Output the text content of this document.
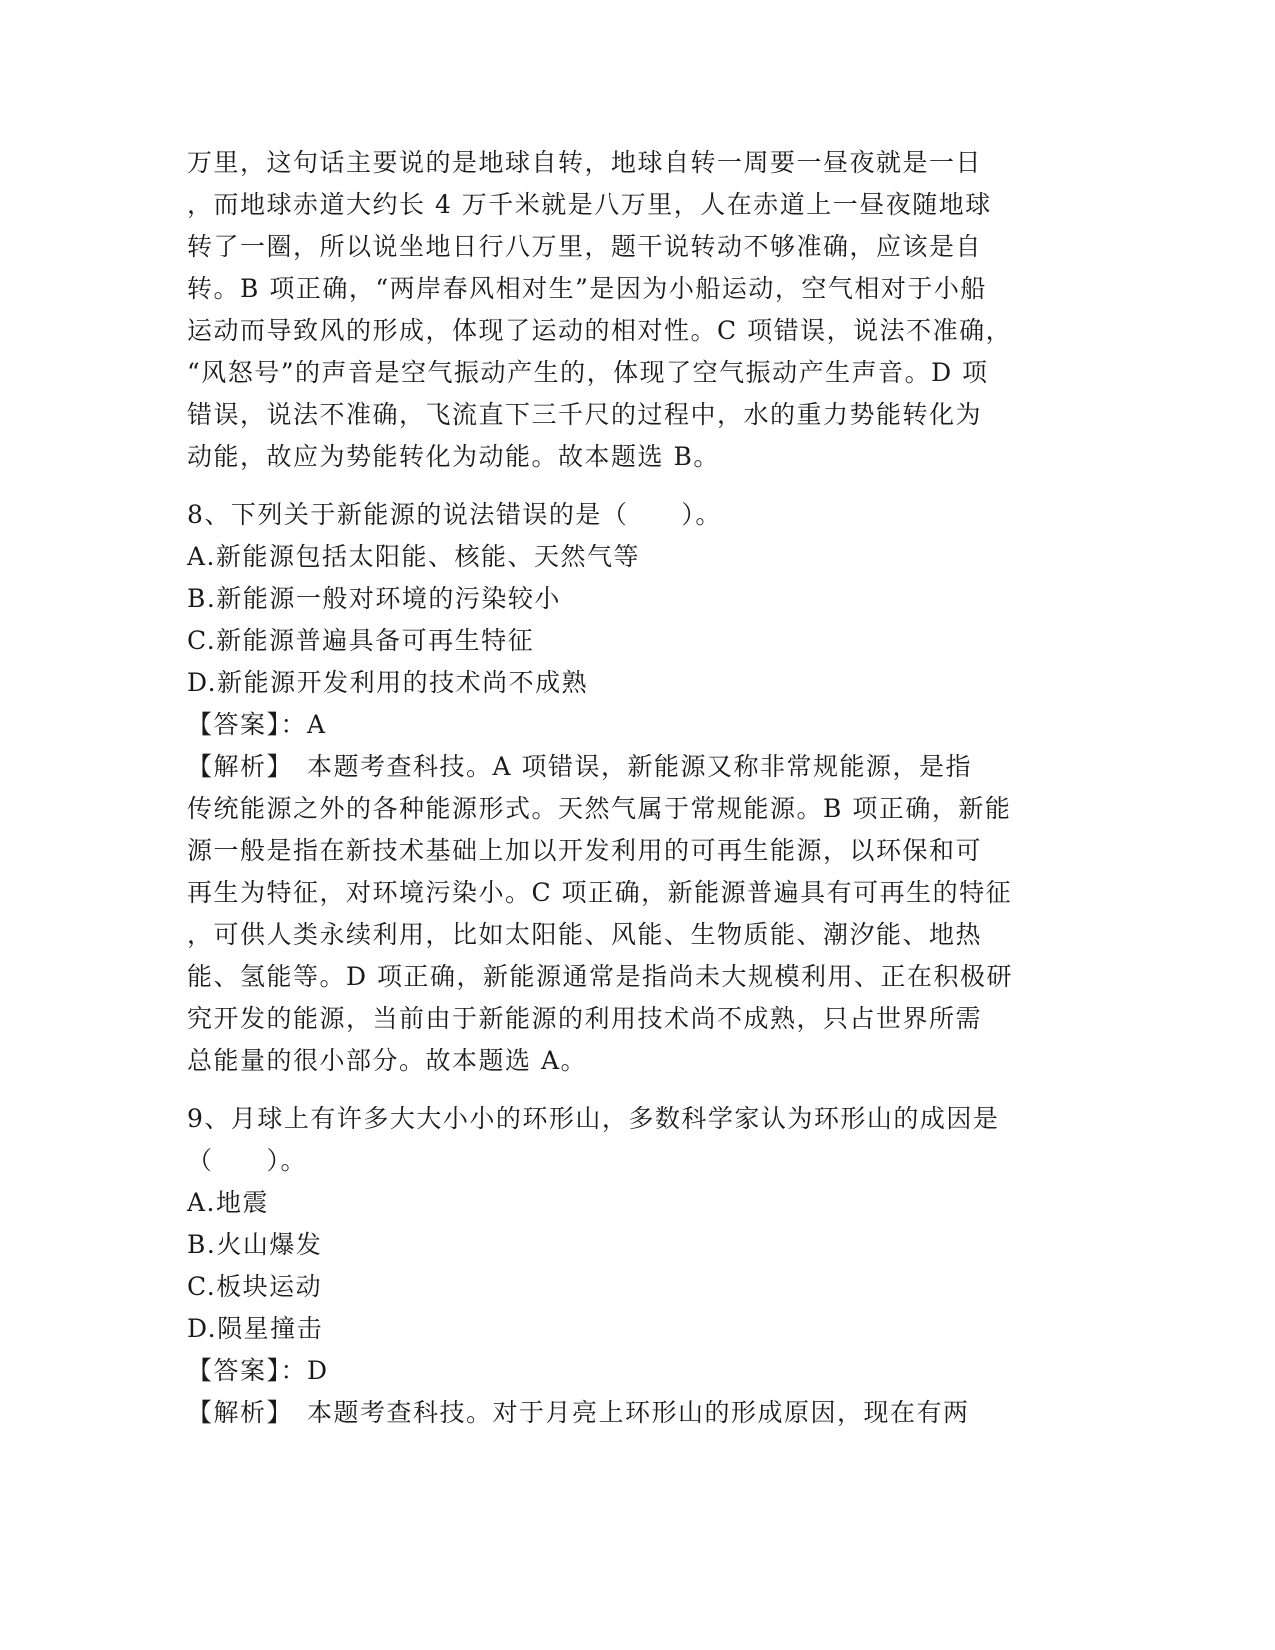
万里，这句话主要说的是地球自转，地球自转一周要一昼夜就是一日
，而地球赤道大约长 4 万千米就是八万里，人在赤道上一昼夜随地球
转了一圈，所以说坐地日行八万里，题干说转动不够准确，应该是自
转。B 项正确，“两岸春风相对生”是因为小船运动，空气相对于小船
运动而导致风的形成，体现了运动的相对性。C 项错误，说法不准确，
“风怒号”的声音是空气振动产生的，体现了空气振动产生声音。D 项
错误，说法不准确，飞流直下三千尺的过程中，水的重力势能转化为
动能，故应为势能转化为动能。故本题选 B。
8、下列关于新能源的说法错误的是（　　）。
A.新能源包括太阳能、核能、天然气等
B.新能源一般对环境的污染较小
C.新能源普遍具备可再生特征
D.新能源开发利用的技术尚不成熟
【答案】：A
【解析】　本题考查科技。A 项错误，新能源又称非常规能源，是指
传统能源之外的各种能源形式。天然气属于常规能源。B 项正确，新能
源一般是指在新技术基础上加以开发利用的可再生能源，以环保和可
再生为特征，对环境污染小。C 项正确，新能源普遍具有可再生的特征
，可供人类永续利用，比如太阳能、风能、生物质能、潮汐能、地热
能、氢能等。D 项正确，新能源通常是指尚未大规模利用、正在积极研
究开发的能源，当前由于新能源的利用技术尚不成熟，只占世界所需
总能量的很小部分。故本题选 A。
9、月球上有许多大大小小的环形山，多数科学家认为环形山的成因是
（　　）。
A.地震
B.火山爆发
C.板块运动
D.陨星撞击
【答案】：D
【解析】　本题考查科技。对于月亮上环形山的形成原因，现在有两
